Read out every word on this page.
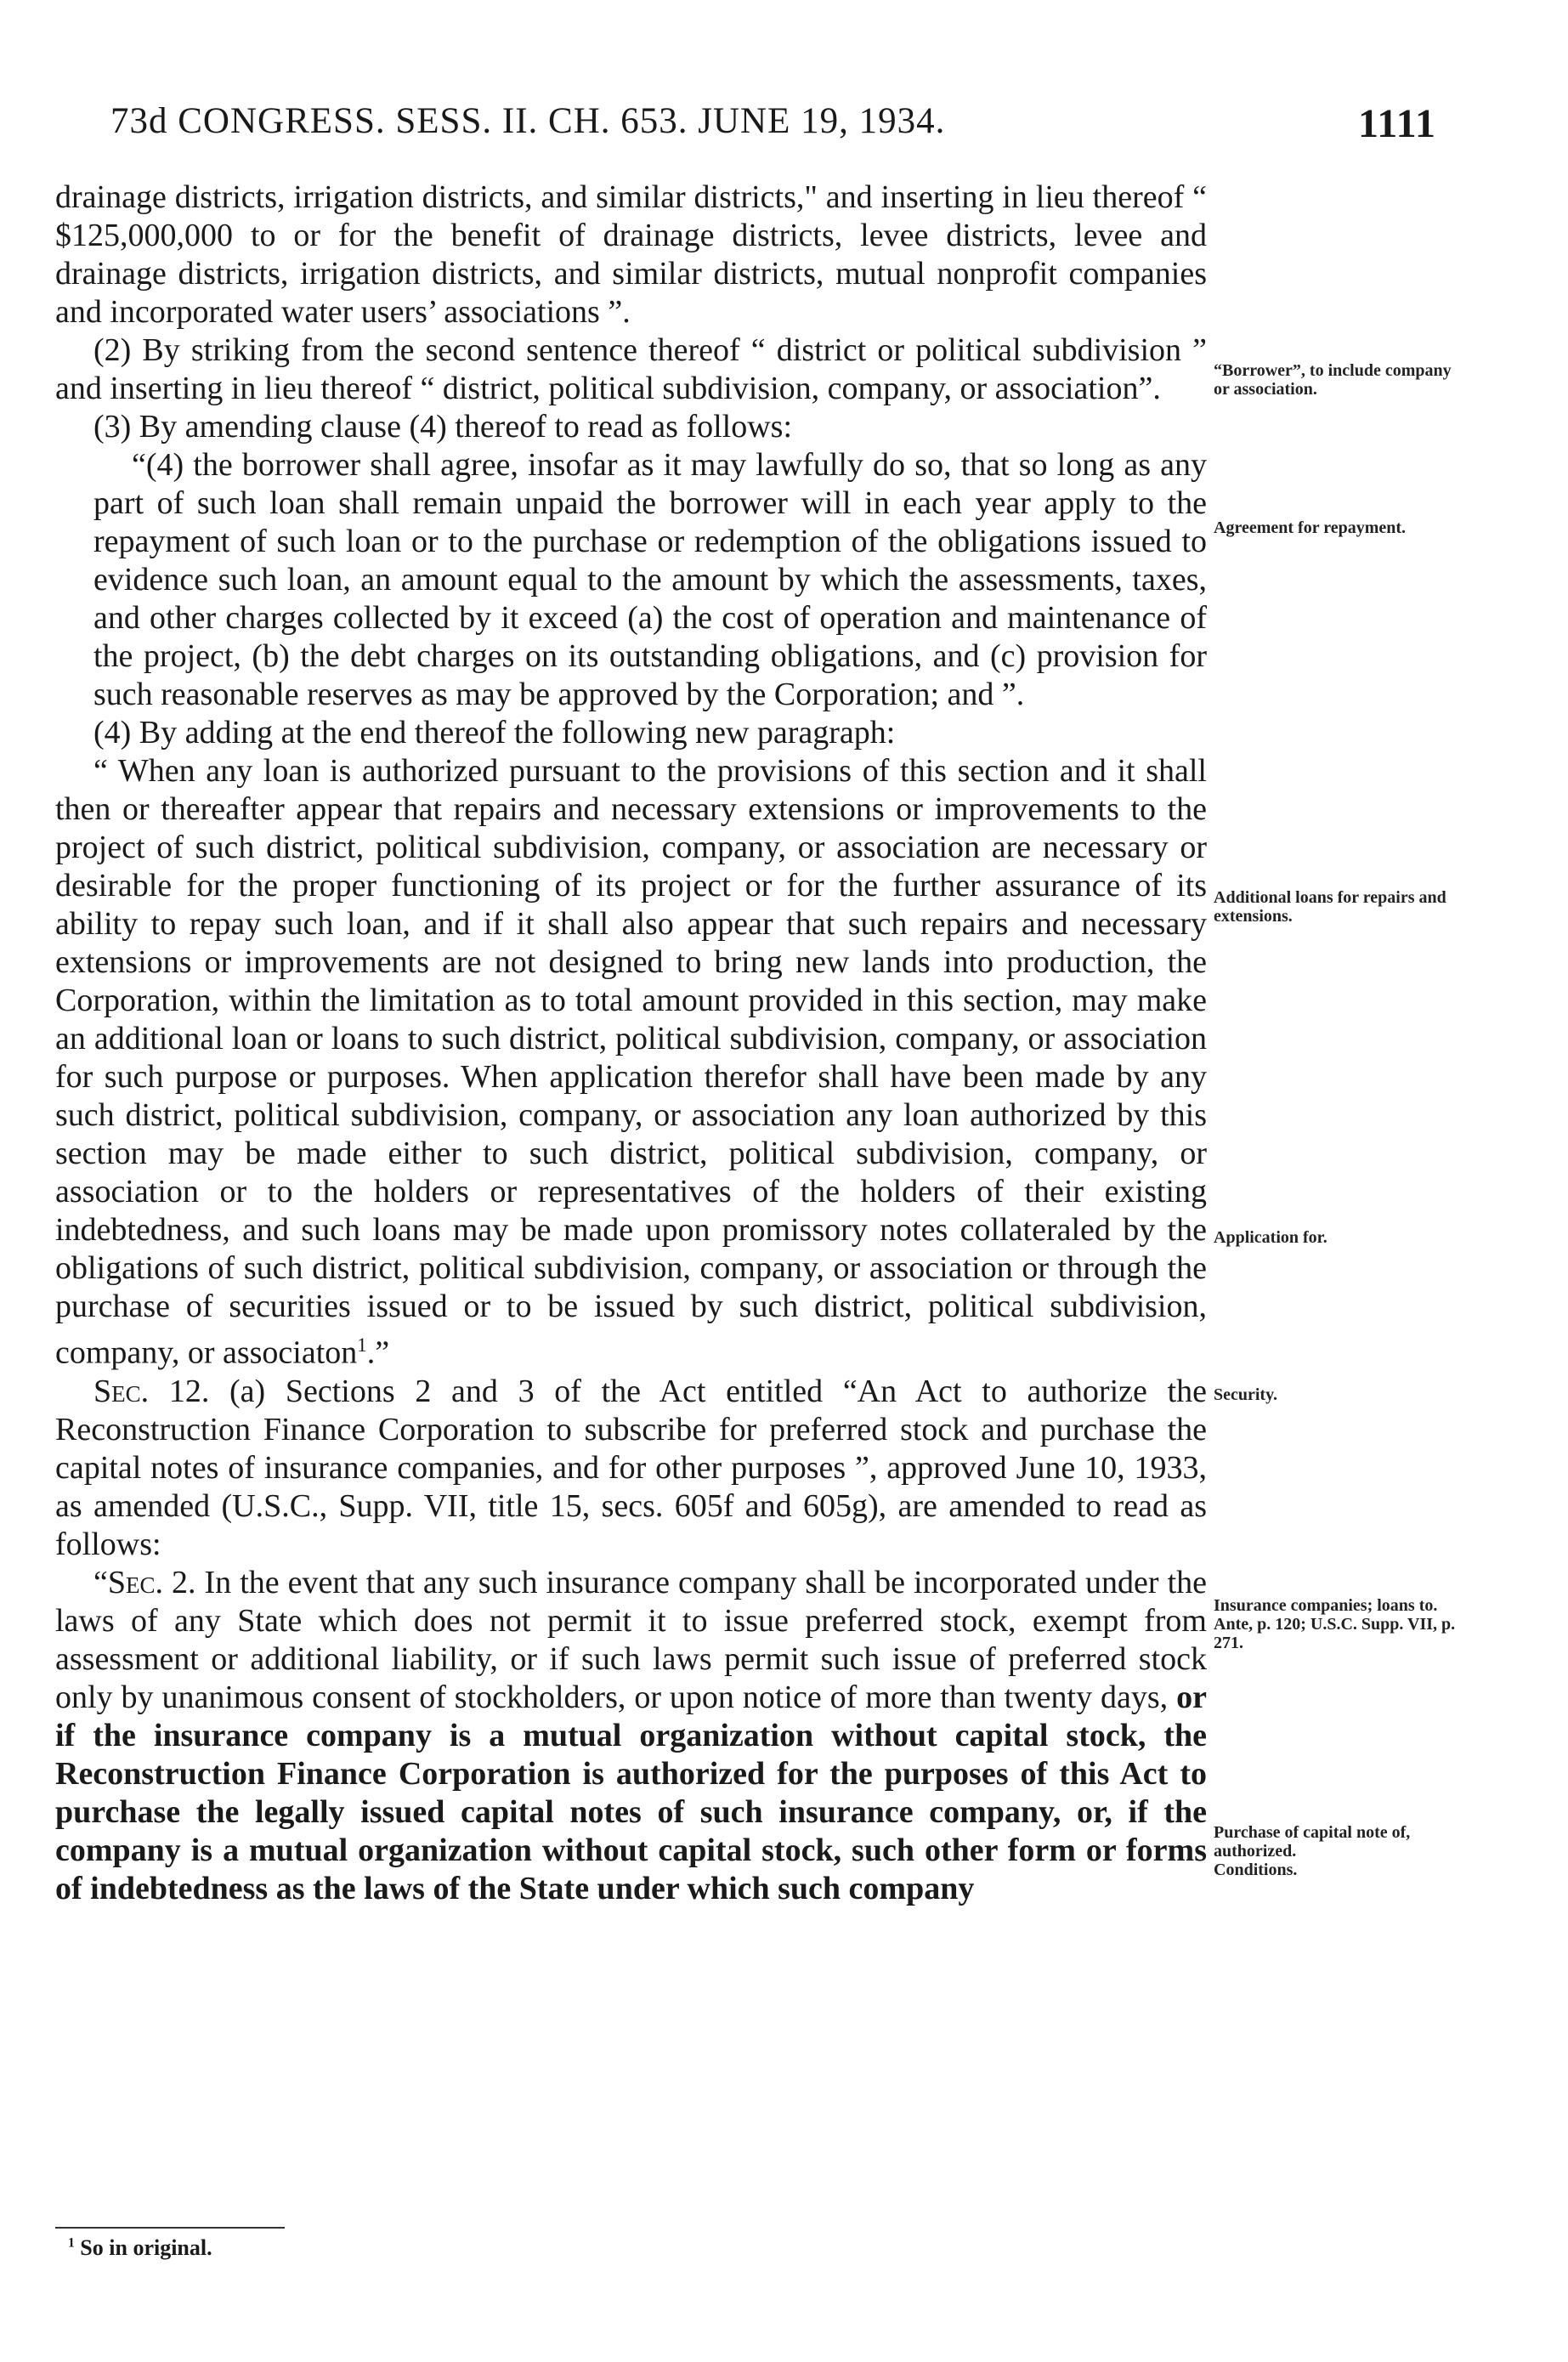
73d CONGRESS. SESS. II. CH. 653. JUNE 19, 1934.	1111

drainage districts, irrigation districts, and similar districts," and inserting in lieu thereof “ $125,000,000 to or for the benefit of drainage districts, levee districts, levee and drainage districts, irrigation districts, and similar districts, mutual nonprofit companies and incorporated water users’ associations ”.

(2) By striking from the second sentence thereof “ district or political subdivision ” and inserting in lieu thereof “ district, political subdivision, company, or association”.

(3) By amending clause (4) thereof to read as follows:

“(4) the borrower shall agree, insofar as it may lawfully do so, that so long as any part of such loan shall remain unpaid the borrower will in each year apply to the repayment of such loan or to the purchase or redemption of the obligations issued to evidence such loan, an amount equal to the amount by which the assessments, taxes, and other charges collected by it exceed (a) the cost of operation and maintenance of the project, (b) the debt charges on its outstanding obligations, and (c) provision for such reasonable reserves as may be approved by the Corporation; and ”.

(4) By adding at the end thereof the following new paragraph:

“ When any loan is authorized pursuant to the provisions of this section and it shall then or thereafter appear that repairs and necessary extensions or improvements to the project of such district, political subdivision, company, or association are necessary or desirable for the proper functioning of its project or for the further assurance of its ability to repay such loan, and if it shall also appear that such repairs and necessary extensions or improvements are not designed to bring new lands into production, the Corporation, within the limitation as to total amount provided in this section, may make an additional loan or loans to such district, political subdivision, company, or association for such purpose or purposes. When application therefor shall have been made by any such district, political subdivision, company, or association any loan authorized by this section may be made either to such district, political subdivision, company, or association or to the holders or representatives of the holders of their existing indebtedness, and such loans may be made upon promissory notes collateraled by the obligations of such district, political subdivision, company, or association or through the purchase of securities issued or to be issued by such district, political subdivision, company, or associaton$^1$.”

Sec. 12. (a) Sections 2 and 3 of the Act entitled “An Act to authorize the Reconstruction Finance Corporation to subscribe for preferred stock and purchase the capital notes of insurance companies, and for other purposes ”, approved June 10, 1933, as amended (U.S.C., Supp. VII, title 15, secs. 605f and 605g), are amended to read as follows:

“Sec. 2. In the event that any such insurance company shall be incorporated under the laws of any State which does not permit it to issue preferred stock, exempt from assessment or additional liability, or if such laws permit such issue of preferred stock only by unanimous consent of stockholders, or upon notice of more than twenty days, or if the insurance company is a mutual organization without capital stock, the Reconstruction Finance Corporation is authorized for the purposes of this Act to purchase the legally issued capital notes of such insurance company, or, if the company is a mutual organization without capital stock, such other form or forms of indebtedness as the laws of the State under which such company

“Borrower”, to include company or association.
Agreement for repayment.
Additional loans for repairs and extensions.
Application for.
Security.
Insurance companies; loans to.
Ante, p. 120; U.S.C. Supp. VII, p. 271.
Purchase of capital note of, authorized.
Conditions.
$^1$ So in original.
